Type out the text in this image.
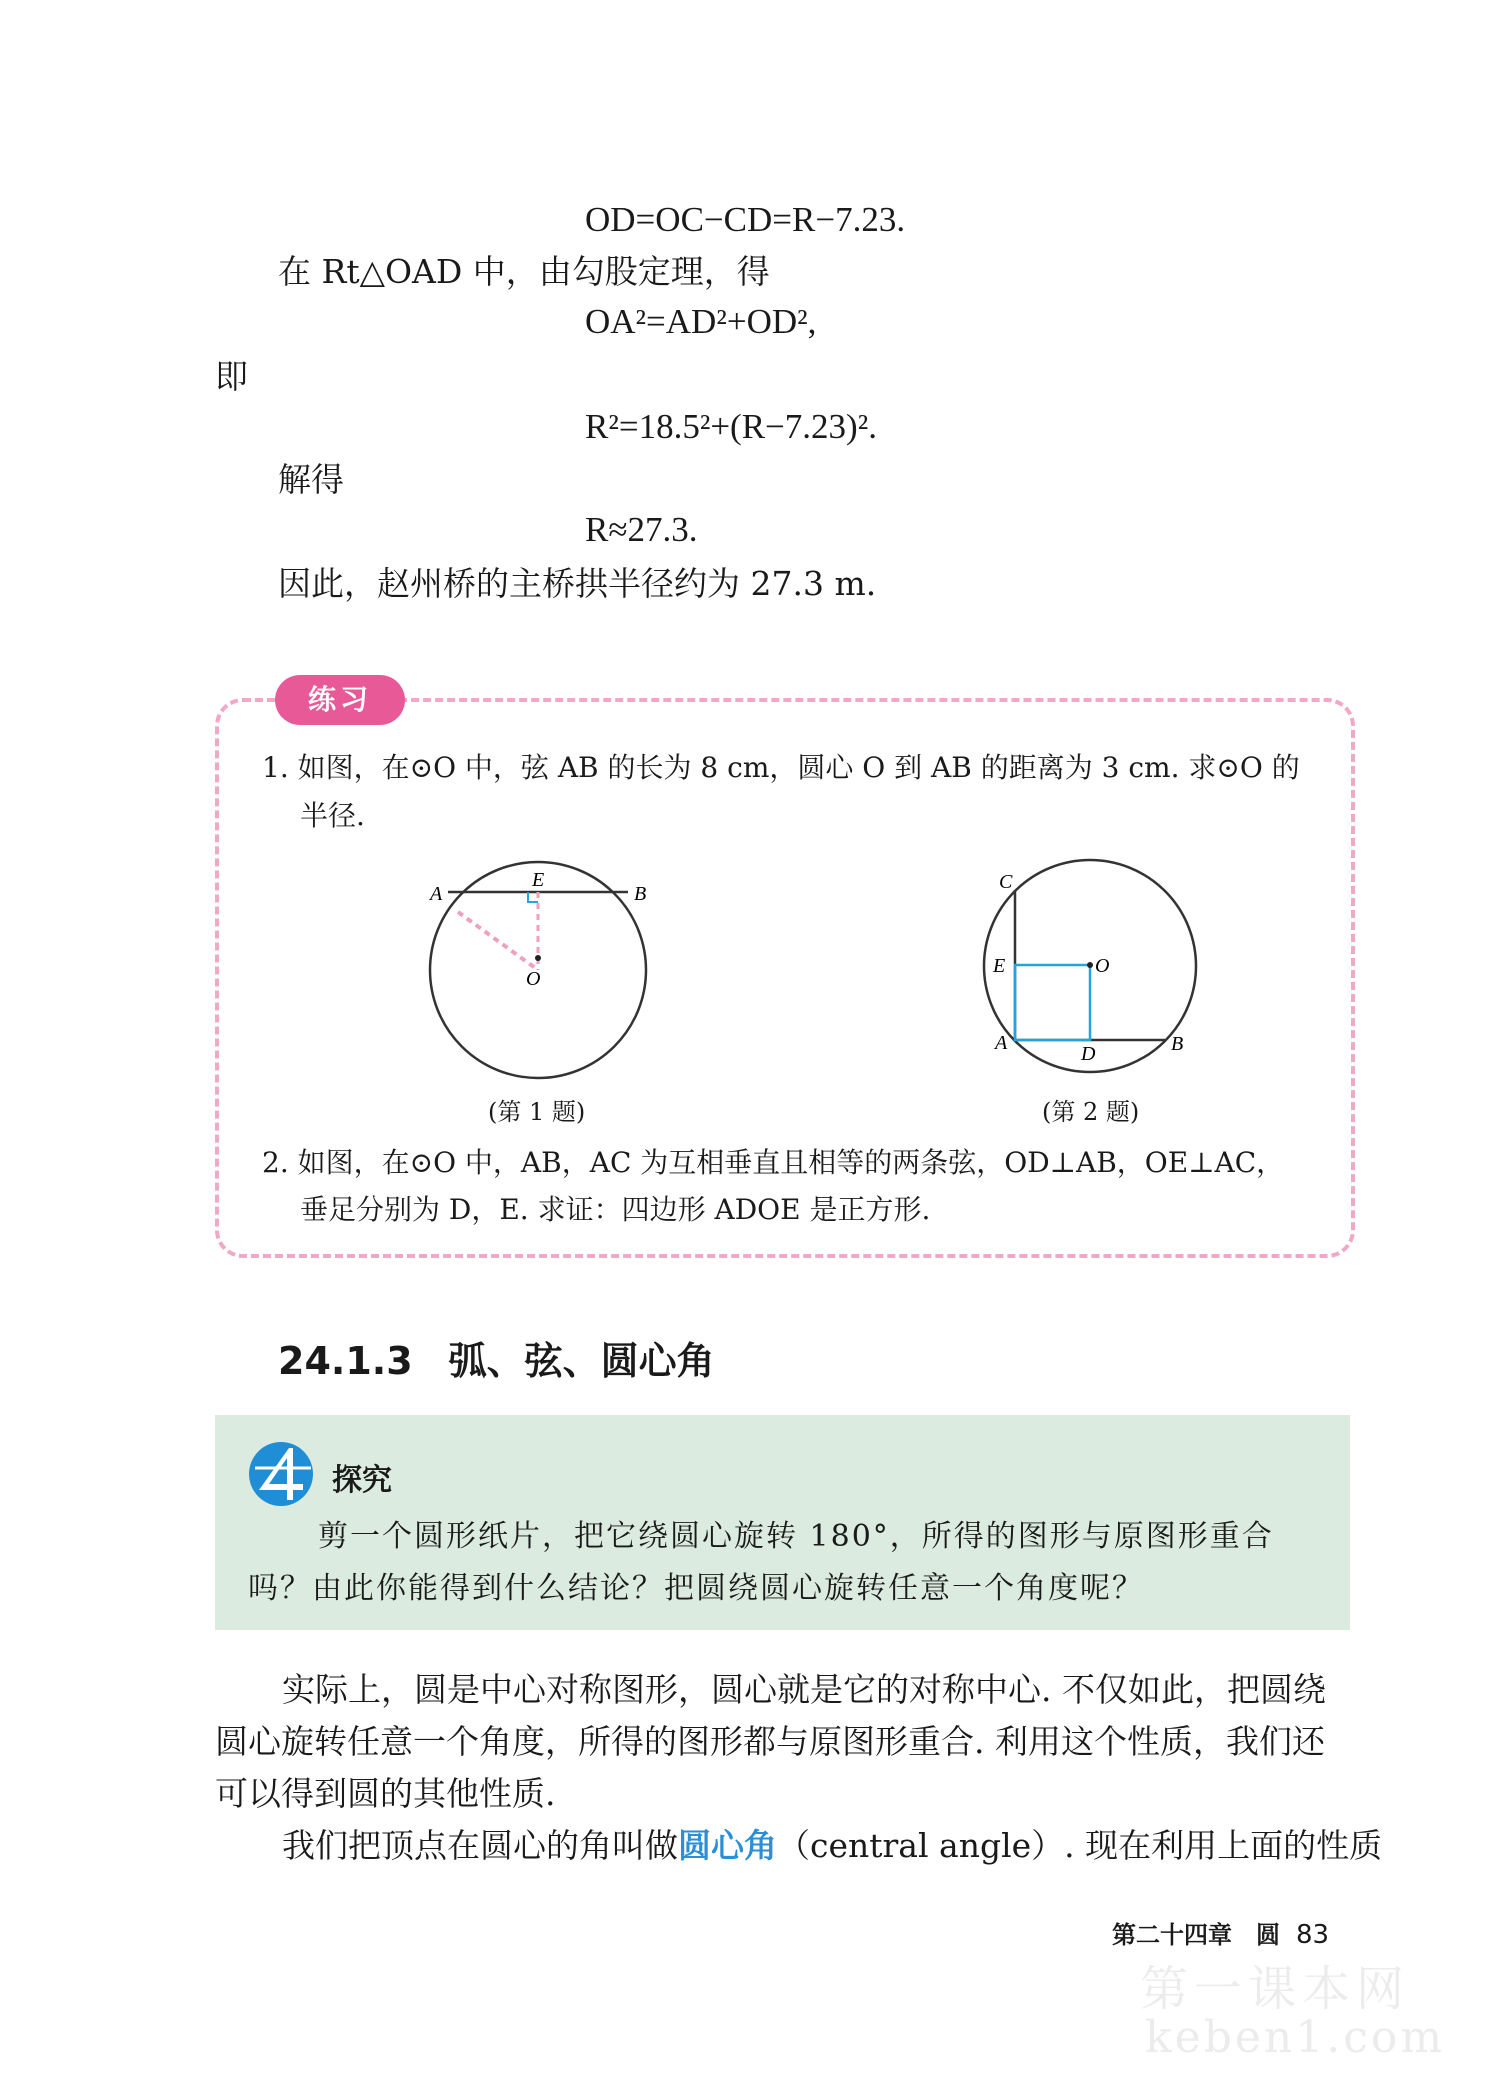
OD=OC−CD=R−7.23.
在 Rt△OAD 中，由勾股定理，得
OA²=AD²+OD²,
即
R²=18.5²+(R−7.23)².
解得
R≈27.3.
因此，赵州桥的主桥拱半径约为 27.3 m.
练习
1. 如图，在⊙O 中，弦 AB 的长为 8 cm，圆心 O 到 AB 的距离为 3 cm. 求⊙O 的
半径.
A	B
E
O
(第 1 题)
C
E	O
A	D	B
(第 2 题)
2. 如图，在⊙O 中，AB，AC 为互相垂直且相等的两条弦，OD⊥AB，OE⊥AC，
垂足分别为 D，E. 求证：四边形 ADOE 是正方形.
24.1.3 弧、弦、圆心角
探究
剪一个圆形纸片，把它绕圆心旋转 180°，所得的图形与原图形重合
吗？由此你能得到什么结论？把圆绕圆心旋转任意一个角度呢？
实际上，圆是中心对称图形，圆心就是它的对称中心. 不仅如此，把圆绕
圆心旋转任意一个角度，所得的图形都与原图形重合. 利用这个性质，我们还
可以得到圆的其他性质.
我们把顶点在圆心的角叫做圆心角（central angle）. 现在利用上面的性质
第二十四章　圆 83
第一课本网
keben1.com
